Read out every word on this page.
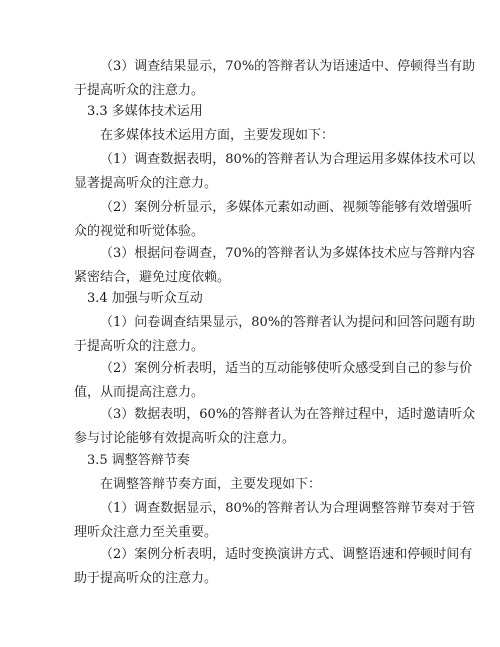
（3）调查结果显示，70%的答辩者认为语速适中、停顿得当有助
于提高听众的注意力。

3.3 多媒体技术运用

在多媒体技术运用方面，主要发现如下：

（1）调查数据表明，80%的答辩者认为合理运用多媒体技术可以
显著提高听众的注意力。

（2）案例分析显示，多媒体元素如动画、视频等能够有效增强听
众的视觉和听觉体验。

（3）根据问卷调查，70%的答辩者认为多媒体技术应与答辩内容
紧密结合，避免过度依赖。

3.4 加强与听众互动

（1）问卷调查结果显示，80%的答辩者认为提问和回答问题有助
于提高听众的注意力。

（2）案例分析表明，适当的互动能够使听众感受到自己的参与价
值，从而提高注意力。

（3）数据表明，60%的答辩者认为在答辩过程中，适时邀请听众
参与讨论能够有效提高听众的注意力。

3.5 调整答辩节奏

在调整答辩节奏方面，主要发现如下：

（1）调查数据显示，80%的答辩者认为合理调整答辩节奏对于管
理听众注意力至关重要。

（2）案例分析表明，适时变换演讲方式、调整语速和停顿时间有
助于提高听众的注意力。
